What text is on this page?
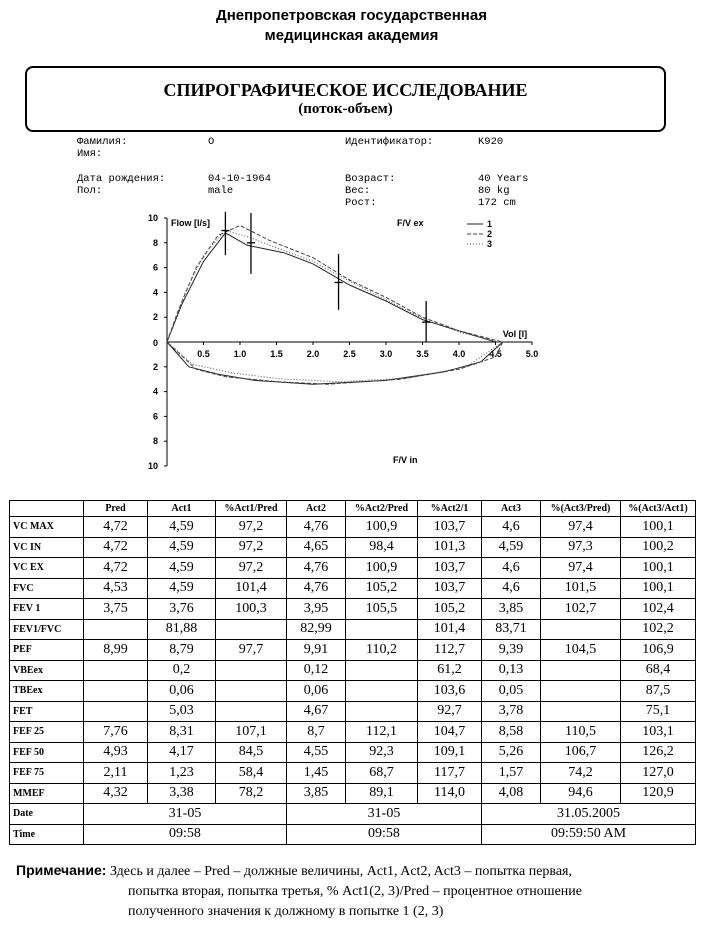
Днепропетровская государственная
медицинская академия
СПИРОГРАФИЧЕСКОЕ ИССЛЕДОВАНИЕ
(поток-объем)
Фамилия:	O
Имя:
Идентификатор:	K920
Дата рождения:	04-10-1964
Пол:	male
Возраст:	40 Years
Вес:	80 kg
Рост:	172 cm
0.5	1.0	1.5	2.0	2.5	3.0	3.5	4.0	4.5	5.0
2
4
6
8
10
2
4
6
8
10
Flow [l/s]
Vol [l]
F/V ex
F/V in
0
1
2
3
	Pred	Act1	%Act1/Pred	Act2	%Act2/Pred	%Act2/1	Act3	%(Act3/Pred)	%(Act3/Act1)
VC MAX	4,72	4,59	97,2	4,76	100,9	103,7	4,6	97,4	100,1
VC IN	4,72	4,59	97,2	4,65	98,4	101,3	4,59	97,3	100,2
VC EX	4,72	4,59	97,2	4,76	100,9	103,7	4,6	97,4	100,1
FVC	4,53	4,59	101,4	4,76	105,2	103,7	4,6	101,5	100,1
FEV 1	3,75	3,76	100,3	3,95	105,5	105,2	3,85	102,7	102,4
FEV1/FVC		81,88		82,99		101,4	83,71		102,2
PEF	8,99	8,79	97,7	9,91	110,2	112,7	9,39	104,5	106,9
VBEex		0,2		0,12		61,2	0,13		68,4
TBEex		0,06		0,06		103,6	0,05		87,5
FET		5,03		4,67		92,7	3,78		75,1
FEF 25	7,76	8,31	107,1	8,7	112,1	104,7	8,58	110,5	103,1
FEF 50	4,93	4,17	84,5	4,55	92,3	109,1	5,26	106,7	126,2
FEF 75	2,11	1,23	58,4	1,45	68,7	117,7	1,57	74,2	127,0
MMEF	4,32	3,38	78,2	3,85	89,1	114,0	4,08	94,6	120,9
Date	31-05			31-05			31.05.2005		
Time	09:58			09:58			09:59:50 AM		
Примечание: Здесь и далее – Pred – должные величины, Act1, Act2, Act3 – попытка первая,
попытка вторая, попытка третья, % Act1(2, 3)/Pred – процентное отношение
полученного значения к должному в попытке 1 (2, 3)
